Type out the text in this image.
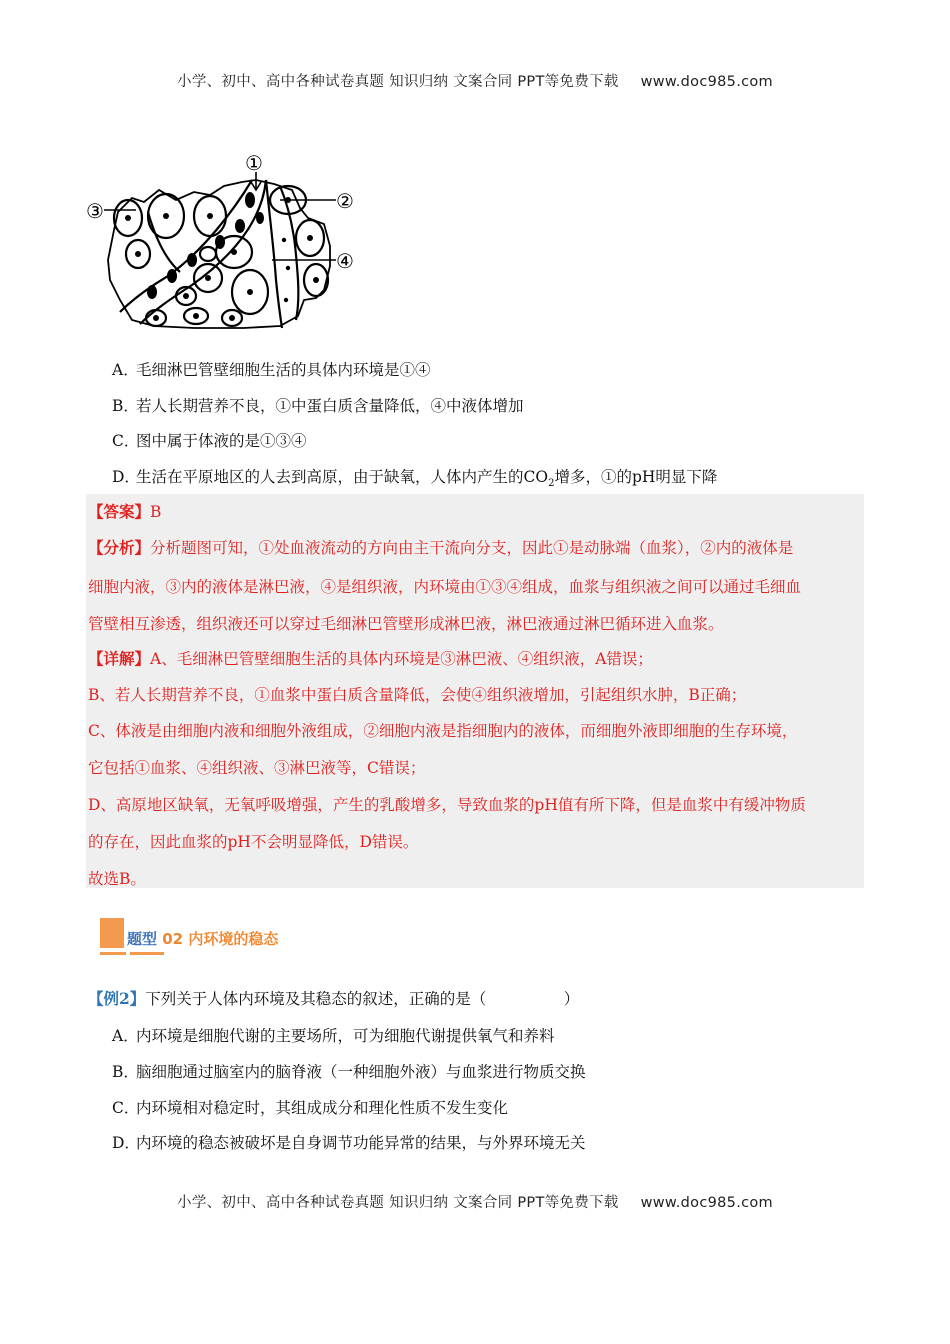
小学、初中、高中各种试卷真题 知识归纳 文案合同 PPT等免费下载 www.doc985.com
①
②
③
④
A．毛细淋巴管壁细胞生活的具体内环境是①④
B．若人长期营养不良，①中蛋白质含量降低，④中液体增加
C．图中属于体液的是①③④
D．生活在平原地区的人去到高原，由于缺氧，人体内产生的$CO_2$增多，①的pH明显下降
【答案】B
【分析】分析题图可知，①处血液流动的方向由主干流向分支，因此①是动脉端（血浆），②内的液体是
细胞内液，③内的液体是淋巴液，④是组织液，内环境由①③④组成，血浆与组织液之间可以通过毛细血
管壁相互渗透，组织液还可以穿过毛细淋巴管壁形成淋巴液，淋巴液通过淋巴循环进入血浆。
【详解】A、毛细淋巴管壁细胞生活的具体内环境是③淋巴液、④组织液，A错误；
B、若人长期营养不良，①血浆中蛋白质含量降低，会使④组织液增加，引起组织水肿，B正确；
C、体液是由细胞内液和细胞外液组成，②细胞内液是指细胞内的液体，而细胞外液即细胞的生存环境，
它包括①血浆、④组织液、③淋巴液等，C错误；
D、高原地区缺氧，无氧呼吸增强，产生的乳酸增多，导致血浆的pH值有所下降，但是血浆中有缓冲物质
的存在，因此血浆的pH不会明显降低，D错误。
故选B。
题型 02 内环境的稳态
【例2】下列关于人体内环境及其稳态的叙述，正确的是（　　　　　）
A．内环境是细胞代谢的主要场所，可为细胞代谢提供氧气和养料
B．脑细胞通过脑室内的脑脊液（一种细胞外液）与血浆进行物质交换
C．内环境相对稳定时，其组成成分和理化性质不发生变化
D．内环境的稳态被破坏是自身调节功能异常的结果，与外界环境无关
小学、初中、高中各种试卷真题 知识归纳 文案合同 PPT等免费下载 www.doc985.com
